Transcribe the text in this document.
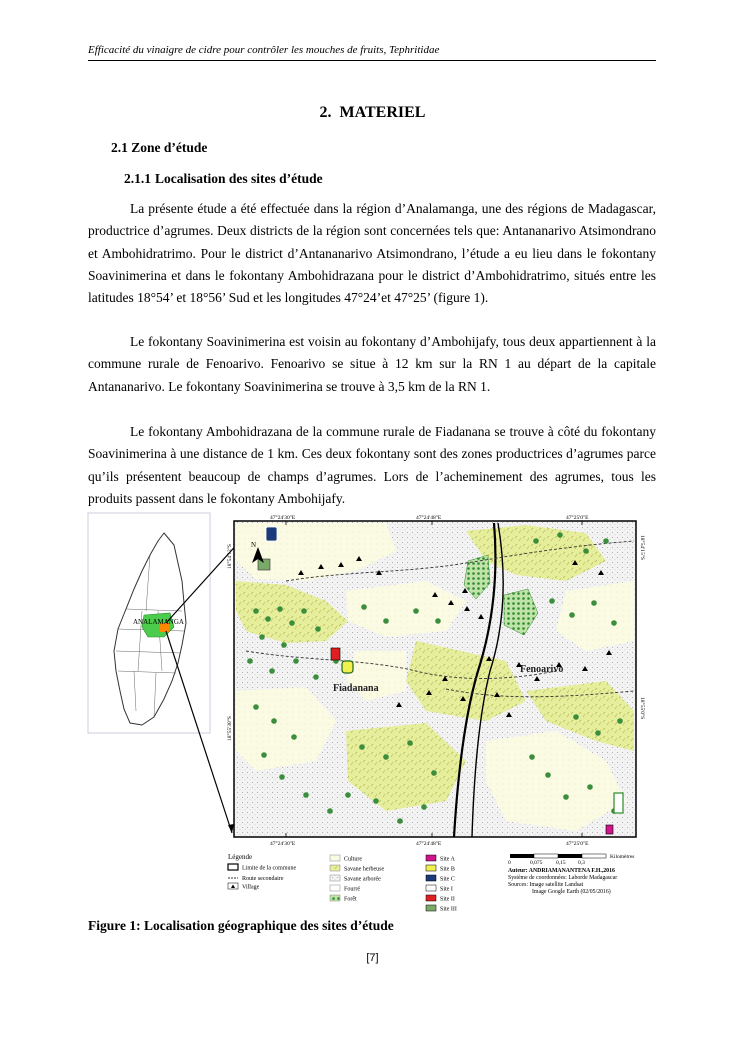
Efficacité du vinaigre de cidre pour contrôler les mouches de fruits, Tephritidae
2. MATERIEL
2.1 Zone d’étude
2.1.1 Localisation des sites d’étude
La présente étude a été effectuée dans la région d’Analamanga, une des régions de Madagascar, productrice d’agrumes. Deux districts de la région sont concernées tels que: Antananarivo Atsimondrano et Ambohidratrimo. Pour le district d’Antananarivo Atsimondrano, l’étude a eu lieu dans le fokontany Soavinimerina et dans le fokontany Ambohidrazana pour le district d’Ambohidratrimo, situés entre les latitudes 18°54’ et 18°56’ Sud et les longitudes 47°24’et 47°25’ (figure 1).
Le fokontany Soavinimerina est voisin au fokontany d’Ambohijafy, tous deux appartiennent à la commune rurale de Fenoarivo. Fenoarivo se situe à 12 km sur la RN 1 au départ de la capitale Antananarivo. Le fokontany Soavinimerina se trouve à 3,5 km de la RN 1.
Le fokontany Ambohidrazana de la commune rurale de Fiadanana se trouve à côté du fokontany Soavinimerina à une distance de 1 km. Ces deux fokontany sont des zones productrices d’agrumes parce qu’ils présentent beaucoup de champs d’agrumes. Lors de l’acheminement des agrumes, tous les produits passent dans le fokontany Ambohijafy.
ANALAMANGA
N
Fiadanana
Fenoarivo
47°24'30"E	47°24'48"E	47°25'0"E
47°24'30"E	47°24'48"E	47°25'0"E
18°54'12"S
18°55'30"S
18°54'15"S
18°55'0"S
Légende
Limite de la commune
Route secondaire
Village
Culture
Savane herbeuse
Savane arborée
Fourré
Forêt
Site A
Site B
Site C
Site I
Site II
Site III
0	0,075 0,15 0,3
Kilomètres
Auteur: ANDRIAMANANTENA F.H.,2016
Système de coordonnées: Laborde Madagascar
Sources: Image satellite Landsat
Image Google Earth (02/05/2016)
Figure 1: Localisation géographique des sites d’étude
[7]
